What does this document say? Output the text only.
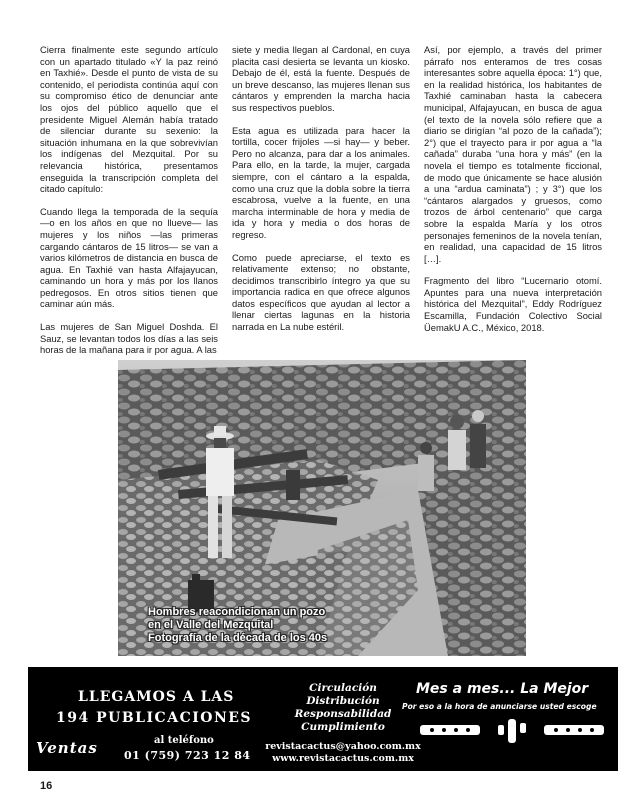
Cierra finalmente este segundo artículo con un apartado titulado «Y la paz reinó en Taxhié». Desde el punto de vista de su contenido, el periodista continúa aquí con su compromiso ético de denunciar ante los ojos del público aquello que el presidente Miguel Alemán había tratado de silenciar durante su sexenio: la situación inhumana en la que sobrevivían los indígenas del Mezquital. Por su relevancia histórica, presentamos enseguida la transcripción completa del citado capítulo:

Cuando llega la temporada de la sequía —o en los años en que no llueve— las mujeres y los niños —las primeras cargando cántaros de 15 litros— se van a varios kilómetros de distancia en busca de agua. En Taxhié van hasta Alfajayucan, caminando un hora y más por los llanos pedregosos. En otros sitios tienen que caminar aún más.

Las mujeres de San Miguel Doshda. El Sauz, se levantan todos los días a las seis horas de la mañana para ir por agua. A las

siete y media llegan al Cardonal, en cuya placita casi desierta se levanta un kiosko. Debajo de él, está la fuente. Después de un breve descanso, las mujeres llenan sus cántaros y emprenden la marcha hacia sus respectivos pueblos.

Esta agua es utilizada para hacer la tortilla, cocer frijoles —si hay— y beber. Pero no alcanza, para dar a los animales. Para ello, en la tarde, la mujer, cargada siempre, con el cántaro a la espalda, como una cruz que la dobla sobre la tierra escabrosa, vuelve a la fuente, en una marcha interminable de hora y media de ida y hora y media o dos horas de regreso.

Como puede apreciarse, el texto es relativamente extenso; no obstante, decidimos transcribirlo íntegro ya que su importancia radica en que ofrece algunos datos específicos que ayudan al lector a llenar ciertas lagunas en la historia narrada en La nube estéril.

Así, por ejemplo, a través del primer párrafo nos enteramos de tres cosas interesantes sobre aquella época: 1°) que, en la realidad histórica, los habitantes de Taxhié caminaban hasta la cabecera municipal, Alfajayucan, en busca de agua (el texto de la novela sólo refiere que a diario se dirigían “al pozo de la cañada”); 2°) que el trayecto para ir por agua a “la cañada” duraba “una hora y más” (en la novela el tiempo es totalmente ficcional, de modo que únicamente se hace alusión a una “ardua caminata”) ; y 3°) que los “cántaros alargados y gruesos, como trozos de árbol centenario” que carga sobre la espalda María y los otros personajes femeninos de la novela tenían, en realidad, una capacidad de 15 litros […].

Fragmento del libro “Lucernario otomí. Apuntes para una nueva interpretación histórica del Mezquital”, Eddy Rodríguez Escamilla, Fundación Colectivo Social ÜemakU A.C., México, 2018.

Hombres reacondicionan un pozo
en el Valle del Mezquital
Fotografía de la década de los 40s
LLEGAMOS A LAS
194 PUBLICACIONES
Ventas	al teléfono
01 (759) 723 12 84
Circulación
Distribución
Responsabilidad
Cumplimiento
revistacactus@yahoo.com.mx
www.revistacactus.com.mx
Mes a mes... La Mejor
Por eso a la hora de anunciarse usted escoge
16
